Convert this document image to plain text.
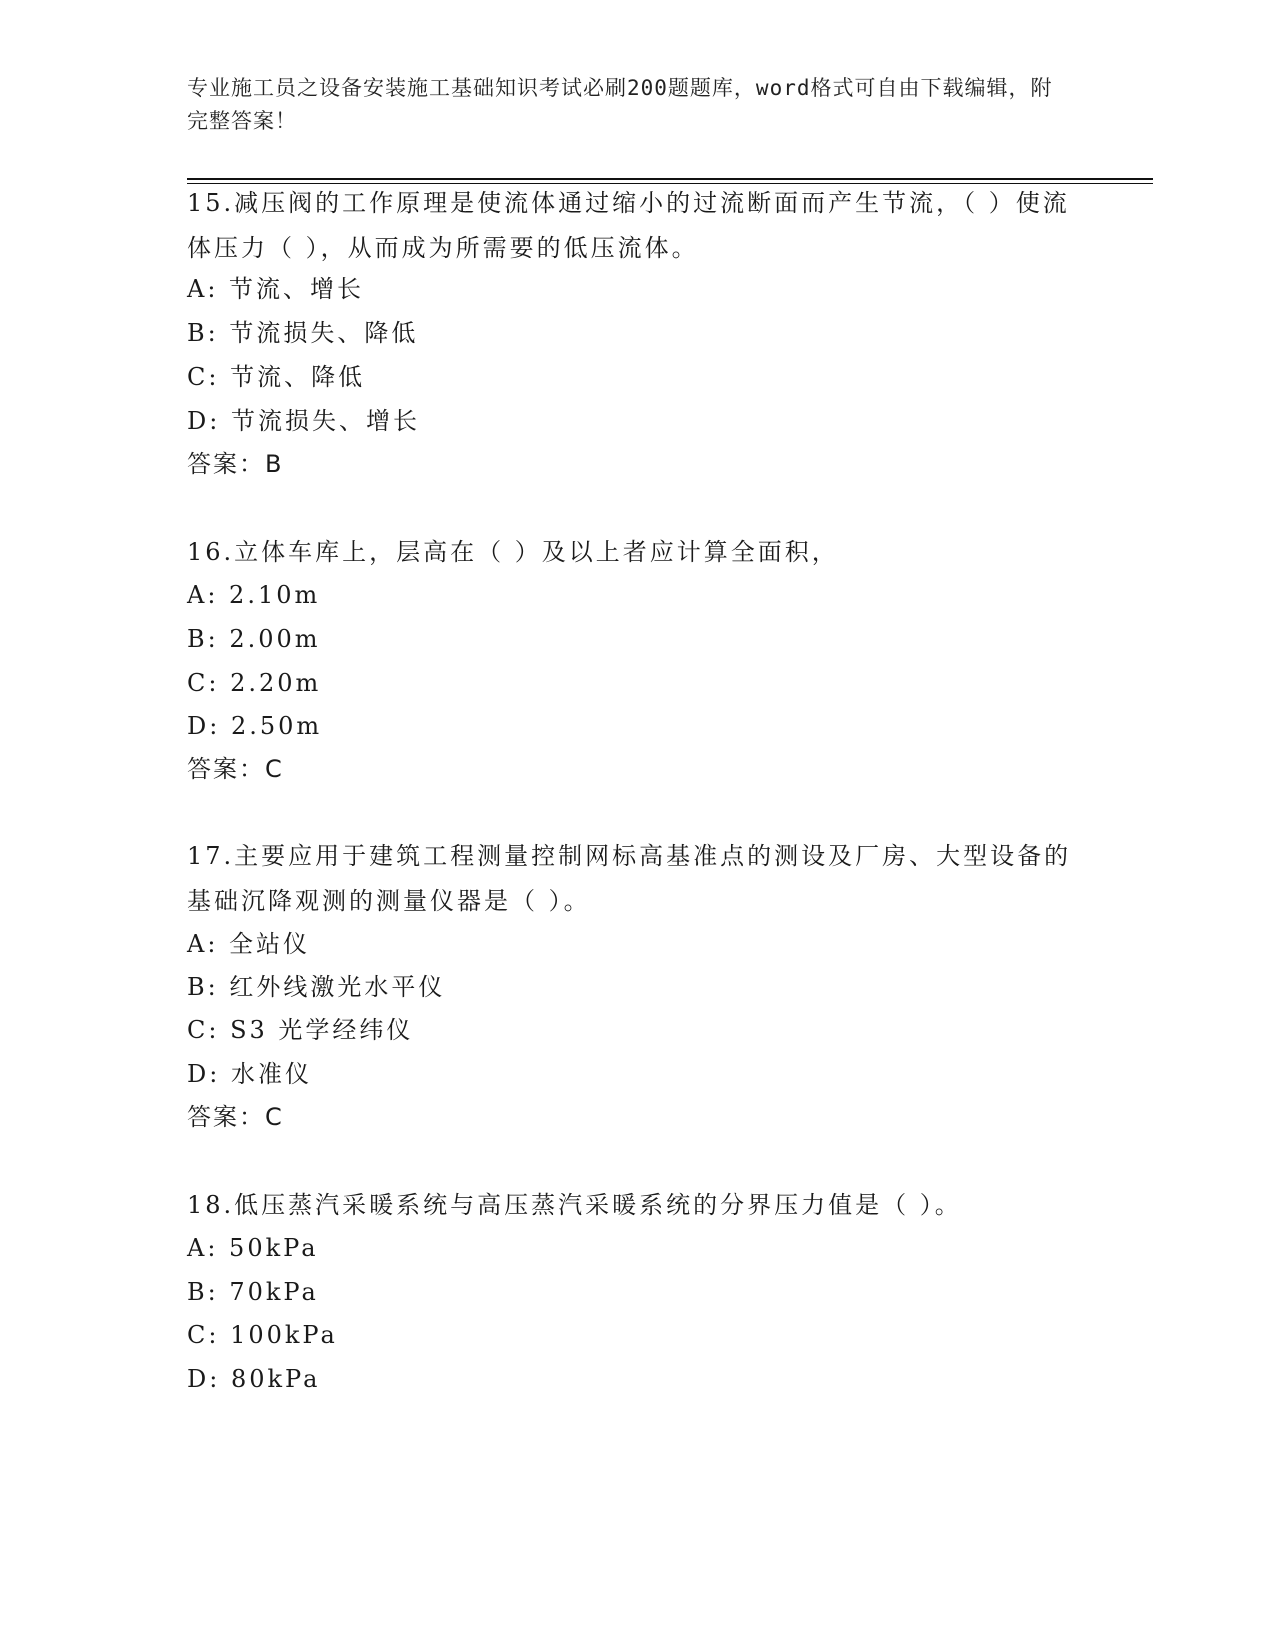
专业施工员之设备安装施工基础知识考试必刷200题题库，word格式可自由下载编辑，附完整答案！

15.减压阀的工作原理是使流体通过缩小的过流断面而产生节流，（ ）使流体压力（ ），从而成为所需要的低压流体。

A: 节流、增长
B: 节流损失、降低
C: 节流、降低
D: 节流损失、增长
答案：B

16.立体车库上，层高在（ ）及以上者应计算全面积，

A: 2.10m
B: 2.00m
C: 2.20m
D: 2.50m
答案：C

17.主要应用于建筑工程测量控制网标高基准点的测设及厂房、大型设备的基础沉降观测的测量仪器是（ ）。

A: 全站仪
B: 红外线激光水平仪
C: S3 光学经纬仪
D: 水准仪
答案：C

18.低压蒸汽采暖系统与高压蒸汽采暖系统的分界压力值是（ ）。

A: 50kPa
B: 70kPa
C: 100kPa
D: 80kPa
